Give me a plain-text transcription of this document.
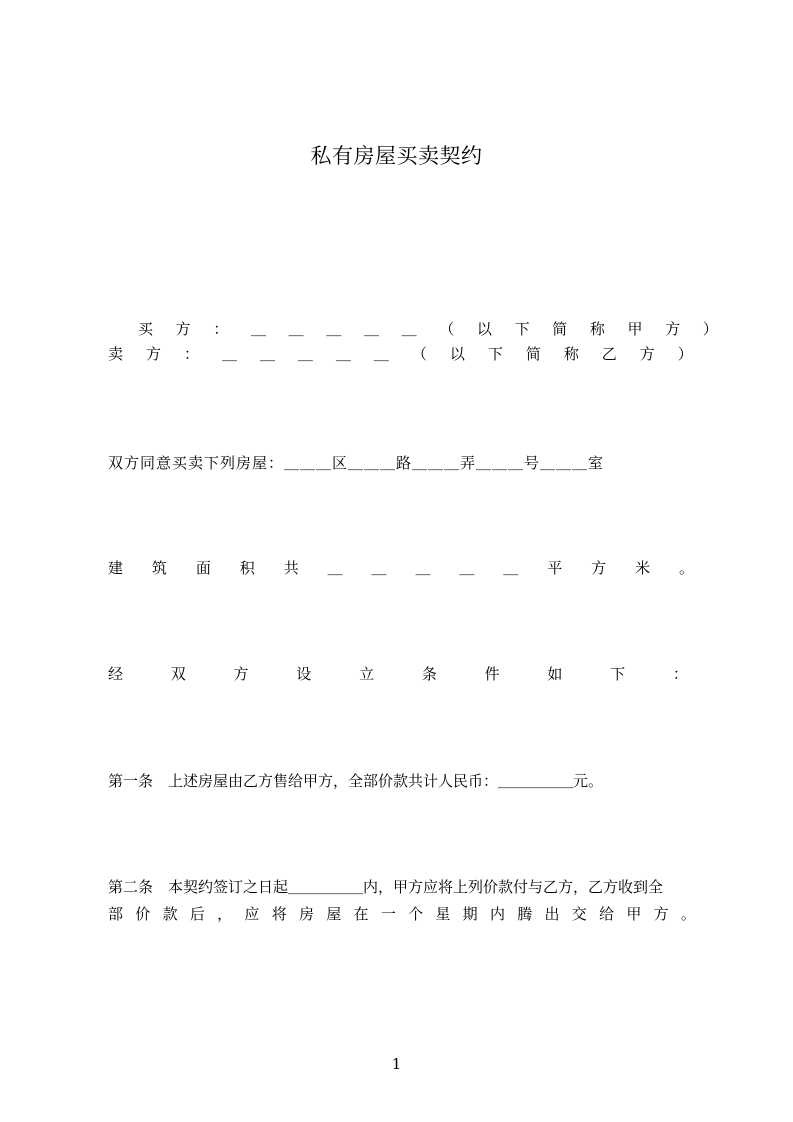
私有房屋买卖契约
买 方 ： ＿ ＿ ＿ ＿ ＿ （ 以 下 简 称 甲 方 ）
卖 方 ： ＿ ＿ ＿ ＿ ＿ （ 以 下 简 称 乙 方 ）
双方同意买卖下列房屋：＿＿＿区＿＿＿路＿＿＿弄＿＿＿号＿＿＿室
建 筑 面 积 共 ＿ ＿ ＿ ＿ ＿ 平 方 米 。
经	双	方	设	立	条	件	如	下	：
第一条　上述房屋由乙方售给甲方，全部价款共计人民币：＿＿＿＿＿元。
第二条　本契约签订之日起＿＿＿＿＿内，甲方应将上列价款付与乙方，乙方收到全
部 价 款 后 ， 应 将 房 屋 在 一 个 星 期 内 腾 出 交 给 甲 方 。
1
